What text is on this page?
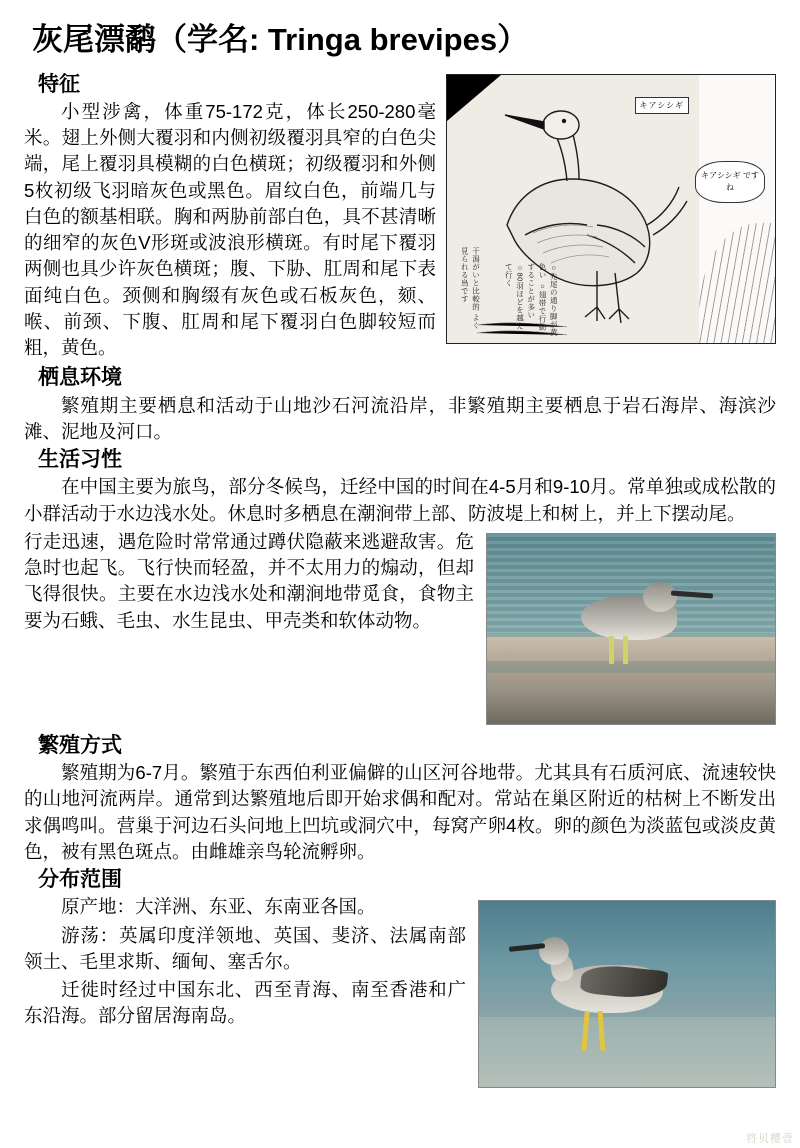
灰尾漂鹬（学名: Tringa brevipes）
干潟がいと比較的 よく見られる鳥です	○先尾の通り脚が黄色い ○翅帯で行動することが多い ○80羽ほどを越えて行く
キアシシギ
キアシシギ ですね
特征

小型涉禽，体重75-172克，体长250-280毫米。翅上外侧大覆羽和内侧初级覆羽具窄的白色尖端，尾上覆羽具模糊的白色横斑；初级覆羽和外侧5枚初级飞羽暗灰色或黑色。眉纹白色，前端几与白色的额基相联。胸和两胁前部白色，具不甚清晰的细窄的灰色V形斑或波浪形横斑。有时尾下覆羽两侧也具少许灰色横斑；腹、下胁、肛周和尾下表面纯白色。颈侧和胸缀有灰色或石板灰色，颏、喉、前颈、下腹、肛周和尾下覆羽白色脚较短而粗，黄色。

栖息环境

繁殖期主要栖息和活动于山地沙石河流沿岸，非繁殖期主要栖息于岩石海岸、海滨沙滩、泥地及河口。

生活习性

在中国主要为旅鸟，部分冬候鸟，迁经中国的时间在4-5月和9-10月。常单独或成松散的小群活动于水边浅水处。休息时多栖息在潮涧带上部、防波堤上和树上，并上下摆动尾。

行走迅速，遇危险时常常通过蹲伏隐蔽来逃避敌害。危急时也起飞。飞行快而轻盈，并不太用力的煽动，但却飞得很快。主要在水边浅水处和潮涧地带觅食，食物主要为石蛾、毛虫、水生昆虫、甲壳类和软体动物。

繁殖方式

繁殖期为6-7月。繁殖于东西伯利亚偏僻的山区河谷地带。尤其具有石质河底、流速较快的山地河流两岸。通常到达繁殖地后即开始求偶和配对。常站在巢区附近的枯树上不断发出求偶鸣叫。营巢于河边石头问地上凹坑或洞穴中，每窝产卵4枚。卵的颜色为淡蓝包或淡皮黄色，被有黑色斑点。由雌雄亲鸟轮流孵卵。

分布范围

原产地：大洋洲、东亚、东南亚各国。

游荡：英属印度洋领地、英国、斐济、法属南部领土、毛里求斯、缅甸、塞舌尔。

迁徙时经过中国东北、西至青海、南至香港和广东沿海。部分留居海南岛。

将贝樱壹
